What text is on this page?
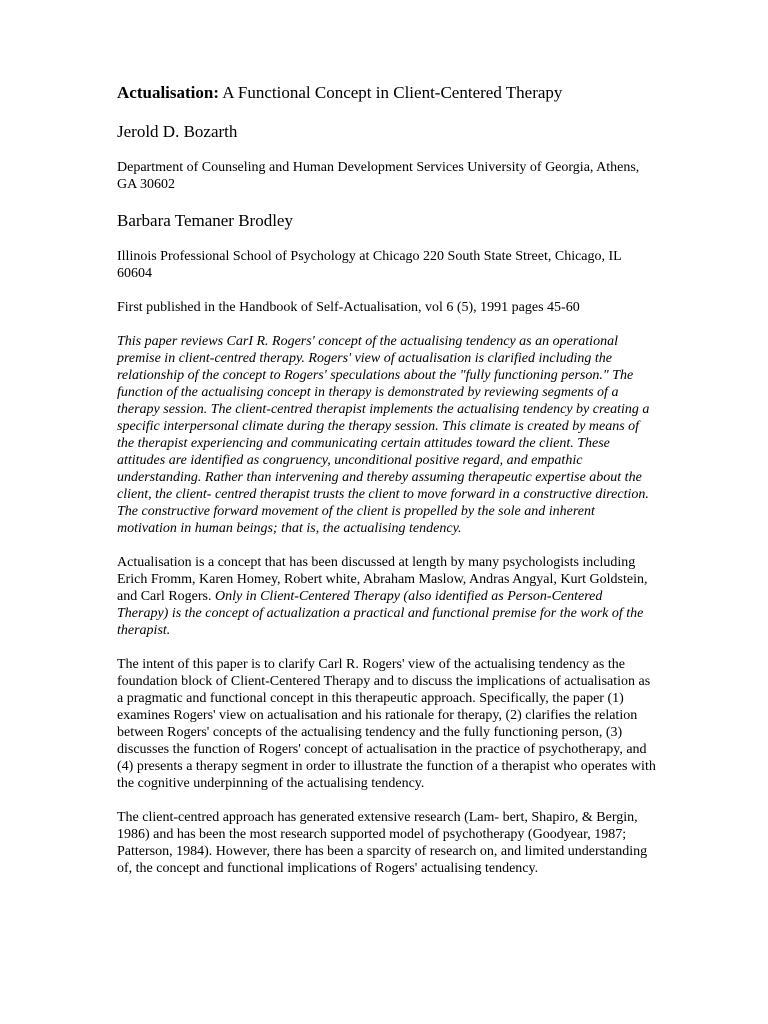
Actualisation: A Functional Concept in Client-Centered Therapy
Jerold D. Bozarth
Department of Counseling and Human Development Services University of Georgia, Athens, GA 30602
Barbara Temaner Brodley
Illinois Professional School of Psychology at Chicago 220 South State Street, Chicago, IL 60604
First published in the Handbook of Self-Actualisation, vol 6 (5), 1991 pages 45-60
This paper reviews CarI R. Rogers' concept of the actualising tendency as an operational premise in client-centred therapy. Rogers' view of actualisation is clarified including the relationship of the concept to Rogers' speculations about the "fully functioning person." The function of the actualising concept in therapy is demonstrated by reviewing segments of a therapy session. The client-centred therapist implements the actualising tendency by creating a specific interpersonal climate during the therapy session. This climate is created by means of the therapist experiencing and communicating certain attitudes toward the client. These attitudes are identified as congruency, unconditional positive regard, and empathic understanding. Rather than intervening and thereby assuming therapeutic expertise about the client, the client- centred therapist trusts the client to move forward in a constructive direction. The constructive forward movement of the client is propelled by the sole and inherent motivation in human beings; that is, the actualising tendency.
Actualisation is a concept that has been discussed at length by many psychologists including Erich Fromm, Karen Homey, Robert white, Abraham Maslow, Andras Angyal, Kurt Goldstein, and Carl Rogers. Only in Client-Centered Therapy (also identified as Person-Centered Therapy) is the concept of actualization a practical and functional premise for the work of the therapist.
The intent of this paper is to clarify Carl R. Rogers' view of the actualising tendency as the foundation block of Client-Centered Therapy and to discuss the implications of actualisation as a pragmatic and functional concept in this therapeutic approach. Specifically, the paper (1) examines Rogers' view on actualisation and his rationale for therapy, (2) clarifies the relation between Rogers' concepts of the actualising tendency and the fully functioning person, (3) discusses the function of Rogers' concept of actualisation in the practice of psychotherapy, and (4) presents a therapy segment in order to illustrate the function of a therapist who operates with the cognitive underpinning of the actualising tendency.
The client-centred approach has generated extensive research (Lam- bert, Shapiro, & Bergin, 1986) and has been the most research supported model of psychotherapy (Goodyear, 1987; Patterson, 1984). However, there has been a sparcity of research on, and limited understanding of, the concept and functional implications of Rogers' actualising tendency.
